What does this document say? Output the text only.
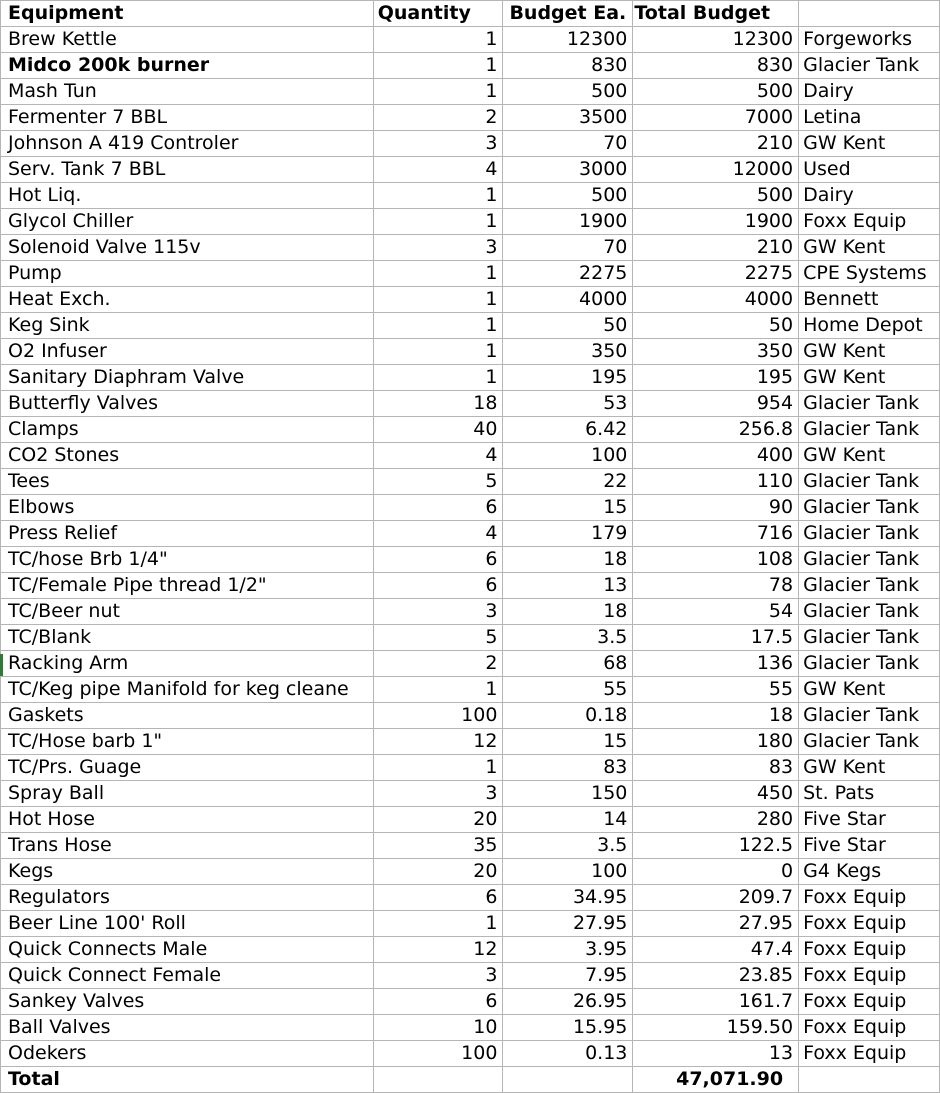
Equipment	Quantity	Budget Ea.	Total Budget	
Brew Kettle	1	12300	12300	Forgeworks
Midco 200k burner	1	830	830	Glacier Tank
Mash Tun	1	500	500	Dairy
Fermenter 7 BBL	2	3500	7000	Letina
Johnson A 419 Controler	3	70	210	GW Kent
Serv. Tank 7 BBL	4	3000	12000	Used
Hot Liq.	1	500	500	Dairy
Glycol Chiller	1	1900	1900	Foxx Equip
Solenoid Valve 115v	3	70	210	GW Kent
Pump	1	2275	2275	CPE Systems
Heat Exch.	1	4000	4000	Bennett
Keg Sink	1	50	50	Home Depot
O2 Infuser	1	350	350	GW Kent
Sanitary Diaphram Valve	1	195	195	GW Kent
Butterfly Valves	18	53	954	Glacier Tank
Clamps	40	6.42	256.8	Glacier Tank
CO2 Stones	4	100	400	GW Kent
Tees	5	22	110	Glacier Tank
Elbows	6	15	90	Glacier Tank
Press Relief	4	179	716	Glacier Tank
TC/hose Brb 1/4"	6	18	108	Glacier Tank
TC/Female Pipe thread 1/2"	6	13	78	Glacier Tank
TC/Beer nut	3	18	54	Glacier Tank
TC/Blank	5	3.5	17.5	Glacier Tank
Racking Arm	2	68	136	Glacier Tank
TC/Keg pipe Manifold for keg cleane	1	55	55	GW Kent
Gaskets	100	0.18	18	Glacier Tank
TC/Hose barb 1"	12	15	180	Glacier Tank
TC/Prs. Guage	1	83	83	GW Kent
Spray Ball	3	150	450	St. Pats
Hot Hose	20	14	280	Five Star
Trans Hose	35	3.5	122.5	Five Star
Kegs	20	100	0	G4 Kegs
Regulators	6	34.95	209.7	Foxx Equip
Beer Line 100' Roll	1	27.95	27.95	Foxx Equip
Quick Connects Male	12	3.95	47.4	Foxx Equip
Quick Connect Female	3	7.95	23.85	Foxx Equip
Sankey Valves	6	26.95	161.7	Foxx Equip
Ball Valves	10	15.95	159.50	Foxx Equip
Odekers	100	0.13	13	Foxx Equip
Total			47,071.90	
